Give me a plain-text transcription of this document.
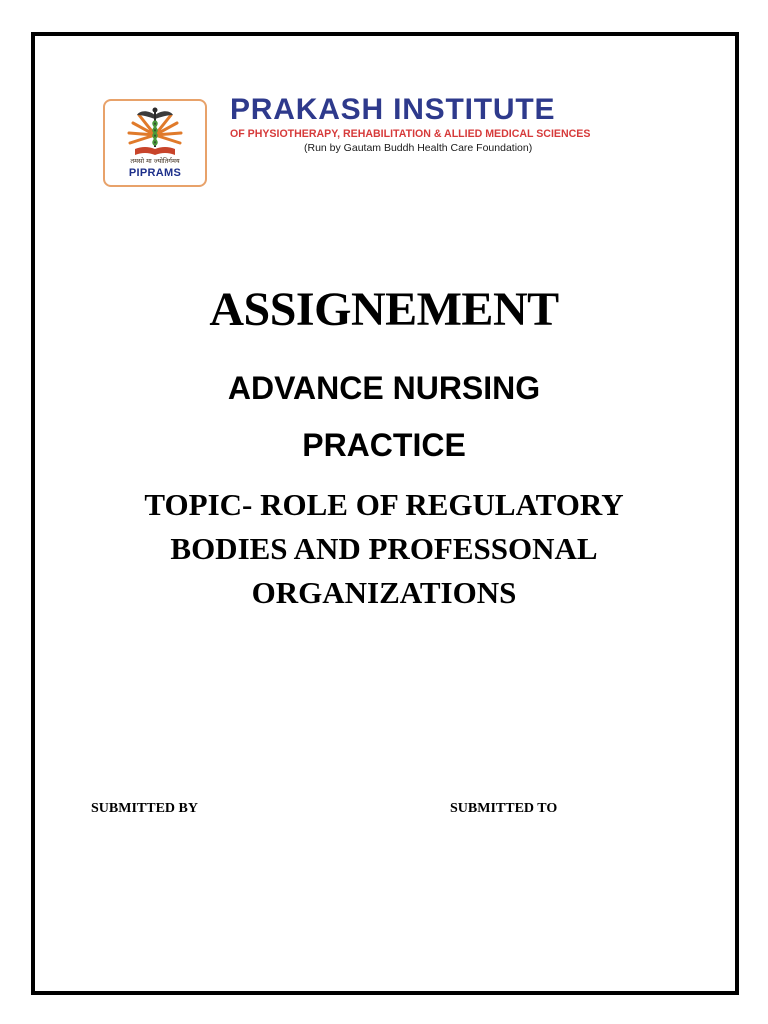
तमसो मा ज्योतिर्गमय
PIPRAMS
PRAKASH INSTITUTE
OF PHYSIOTHERAPY, REHABILITATION & ALLIED MEDICAL SCIENCES
(Run by Gautam Buddh Health Care Foundation)
ASSIGNEMENT
ADVANCE NURSING
PRACTICE
TOPIC- ROLE OF REGULATORY
BODIES AND PROFESSONAL
ORGANIZATIONS
SUBMITTED BY	SUBMITTED TO
